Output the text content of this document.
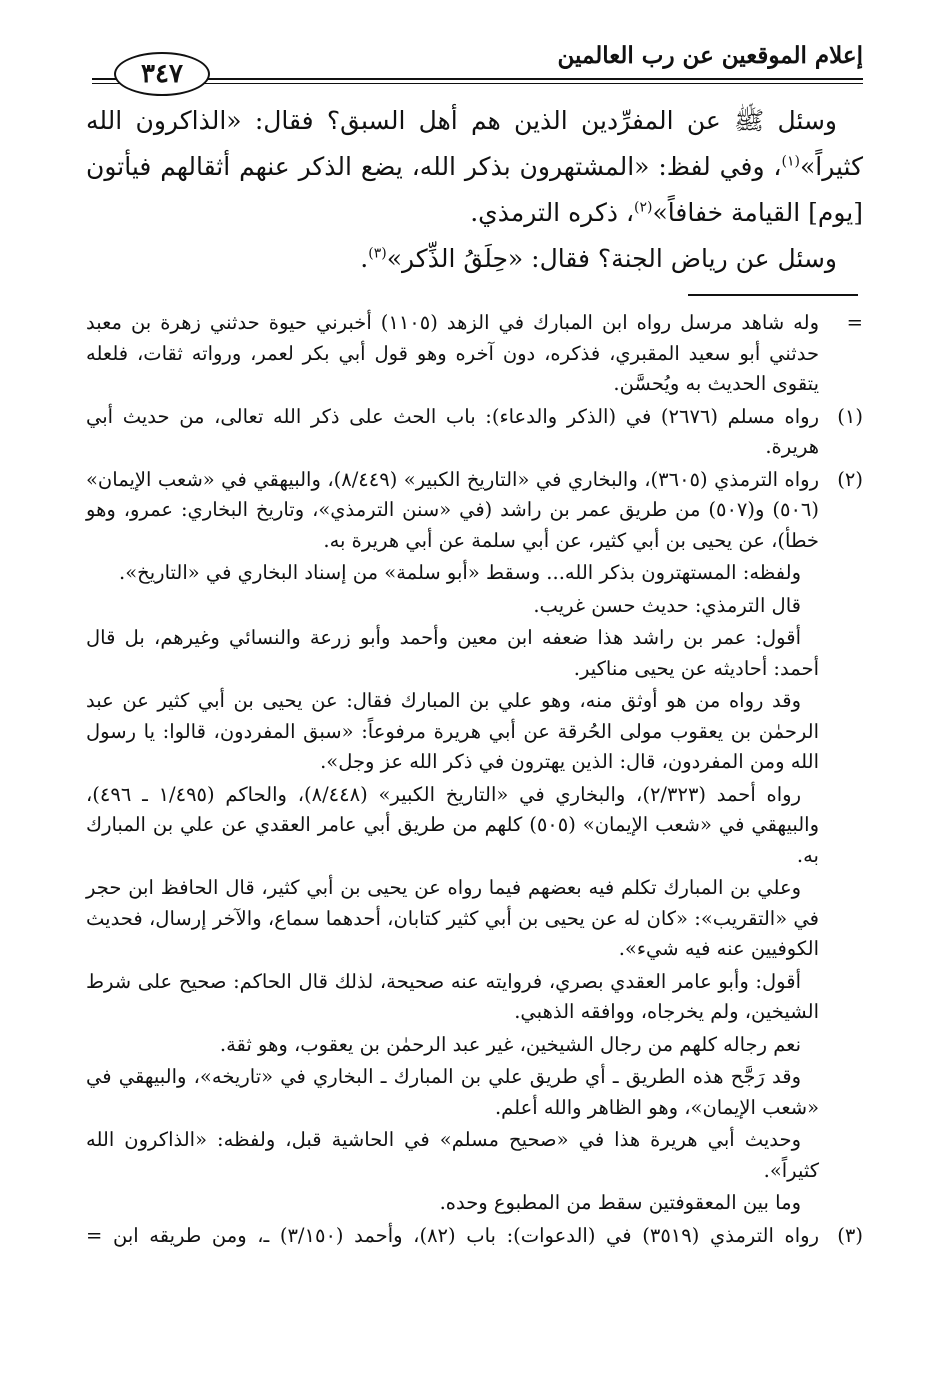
إعلام الموقعين عن رب العالمين
٣٤٧

وسئل ﷺ عن المفرِّدين الذين هم أهل السبق؟ فقال: «الذاكرون الله كثيراً»$^{(١)}$، وفي لفظ: «المشتهرون بذكر الله، يضع الذكر عنهم أثقالهم فيأتون [يوم] القيامة خفافاً»$^{(٢)}$، ذكره الترمذي.

وسئل عن رياض الجنة؟ فقال: «حِلَقُ الذِّكر»$^{(٣)}$.

=
وله شاهد مرسل رواه ابن المبارك في الزهد (١١٠٥) أخبرني حيوة حدثني زهرة بن معبد حدثني أبو سعيد المقبري، فذكره، دون آخره وهو قول أبي بكر لعمر، ورواته ثقات، فلعله يتقوى الحديث به ويُحسَّن.

(١)
رواه مسلم (٢٦٧٦) في (الذكر والدعاء): باب الحث على ذكر الله تعالى، من حديث أبي هريرة.

(٢)
رواه الترمذي (٣٦٠٥)، والبخاري في «التاريخ الكبير» (٨/٤٤٩)، والبيهقي في «شعب الإيمان» (٥٠٦) و(٥٠٧) من طريق عمر بن راشد (في «سنن الترمذي»، وتاريخ البخاري: عمرو، وهو خطأ)، عن يحيى بن أبي كثير، عن أبي سلمة عن أبي هريرة به.

ولفظه: المستهترون بذكر الله... وسقط «أبو سلمة» من إسناد البخاري في «التاريخ».

قال الترمذي: حديث حسن غريب.

أقول: عمر بن راشد هذا ضعفه ابن معين وأحمد وأبو زرعة والنسائي وغيرهم، بل قال أحمد: أحاديثه عن يحيى مناكير.

وقد رواه من هو أوثق منه، وهو علي بن المبارك فقال: عن يحيى بن أبي كثير عن عبد الرحمٰن بن يعقوب مولى الحُرقة عن أبي هريرة مرفوعاً: «سبق المفردون، قالوا: يا رسول الله ومن المفردون، قال: الذين يهترون في ذكر الله عز وجل».

رواه أحمد (٢/٣٢٣)، والبخاري في «التاريخ الكبير» (٨/٤٤٨)، والحاكم (١/٤٩٥ ـ ٤٩٦)، والبيهقي في «شعب الإيمان» (٥٠٥) كلهم من طريق أبي عامر العقدي عن علي بن المبارك به.

وعلي بن المبارك تكلم فيه بعضهم فيما رواه عن يحيى بن أبي كثير، قال الحافظ ابن حجر في «التقريب»: «كان له عن يحيى بن أبي كثير كتابان، أحدهما سماع، والآخر إرسال، فحديث الكوفيين عنه فيه شيء».

أقول: وأبو عامر العقدي بصري، فروايته عنه صحيحة، لذلك قال الحاكم: صحيح على شرط الشيخين، ولم يخرجاه، ووافقه الذهبي.

نعم رجاله كلهم من رجال الشيخين، غير عبد الرحمٰن بن يعقوب، وهو ثقة.

وقد رَجَّح هذه الطريق ـ أي طريق علي بن المبارك ـ البخاري في «تاريخه»، والبيهقي في «شعب الإيمان»، وهو الظاهر والله أعلم.

وحديث أبي هريرة هذا في «صحيح مسلم» في الحاشية قبل، ولفظه: «الذاكرون الله كثيراً».

وما بين المعقوفتين سقط من المطبوع وحده.

(٣)
رواه الترمذي (٣٥١٩) في (الدعوات): باب (٨٢)، وأحمد (٣/١٥٠) ـ، ومن طريقه ابن =
